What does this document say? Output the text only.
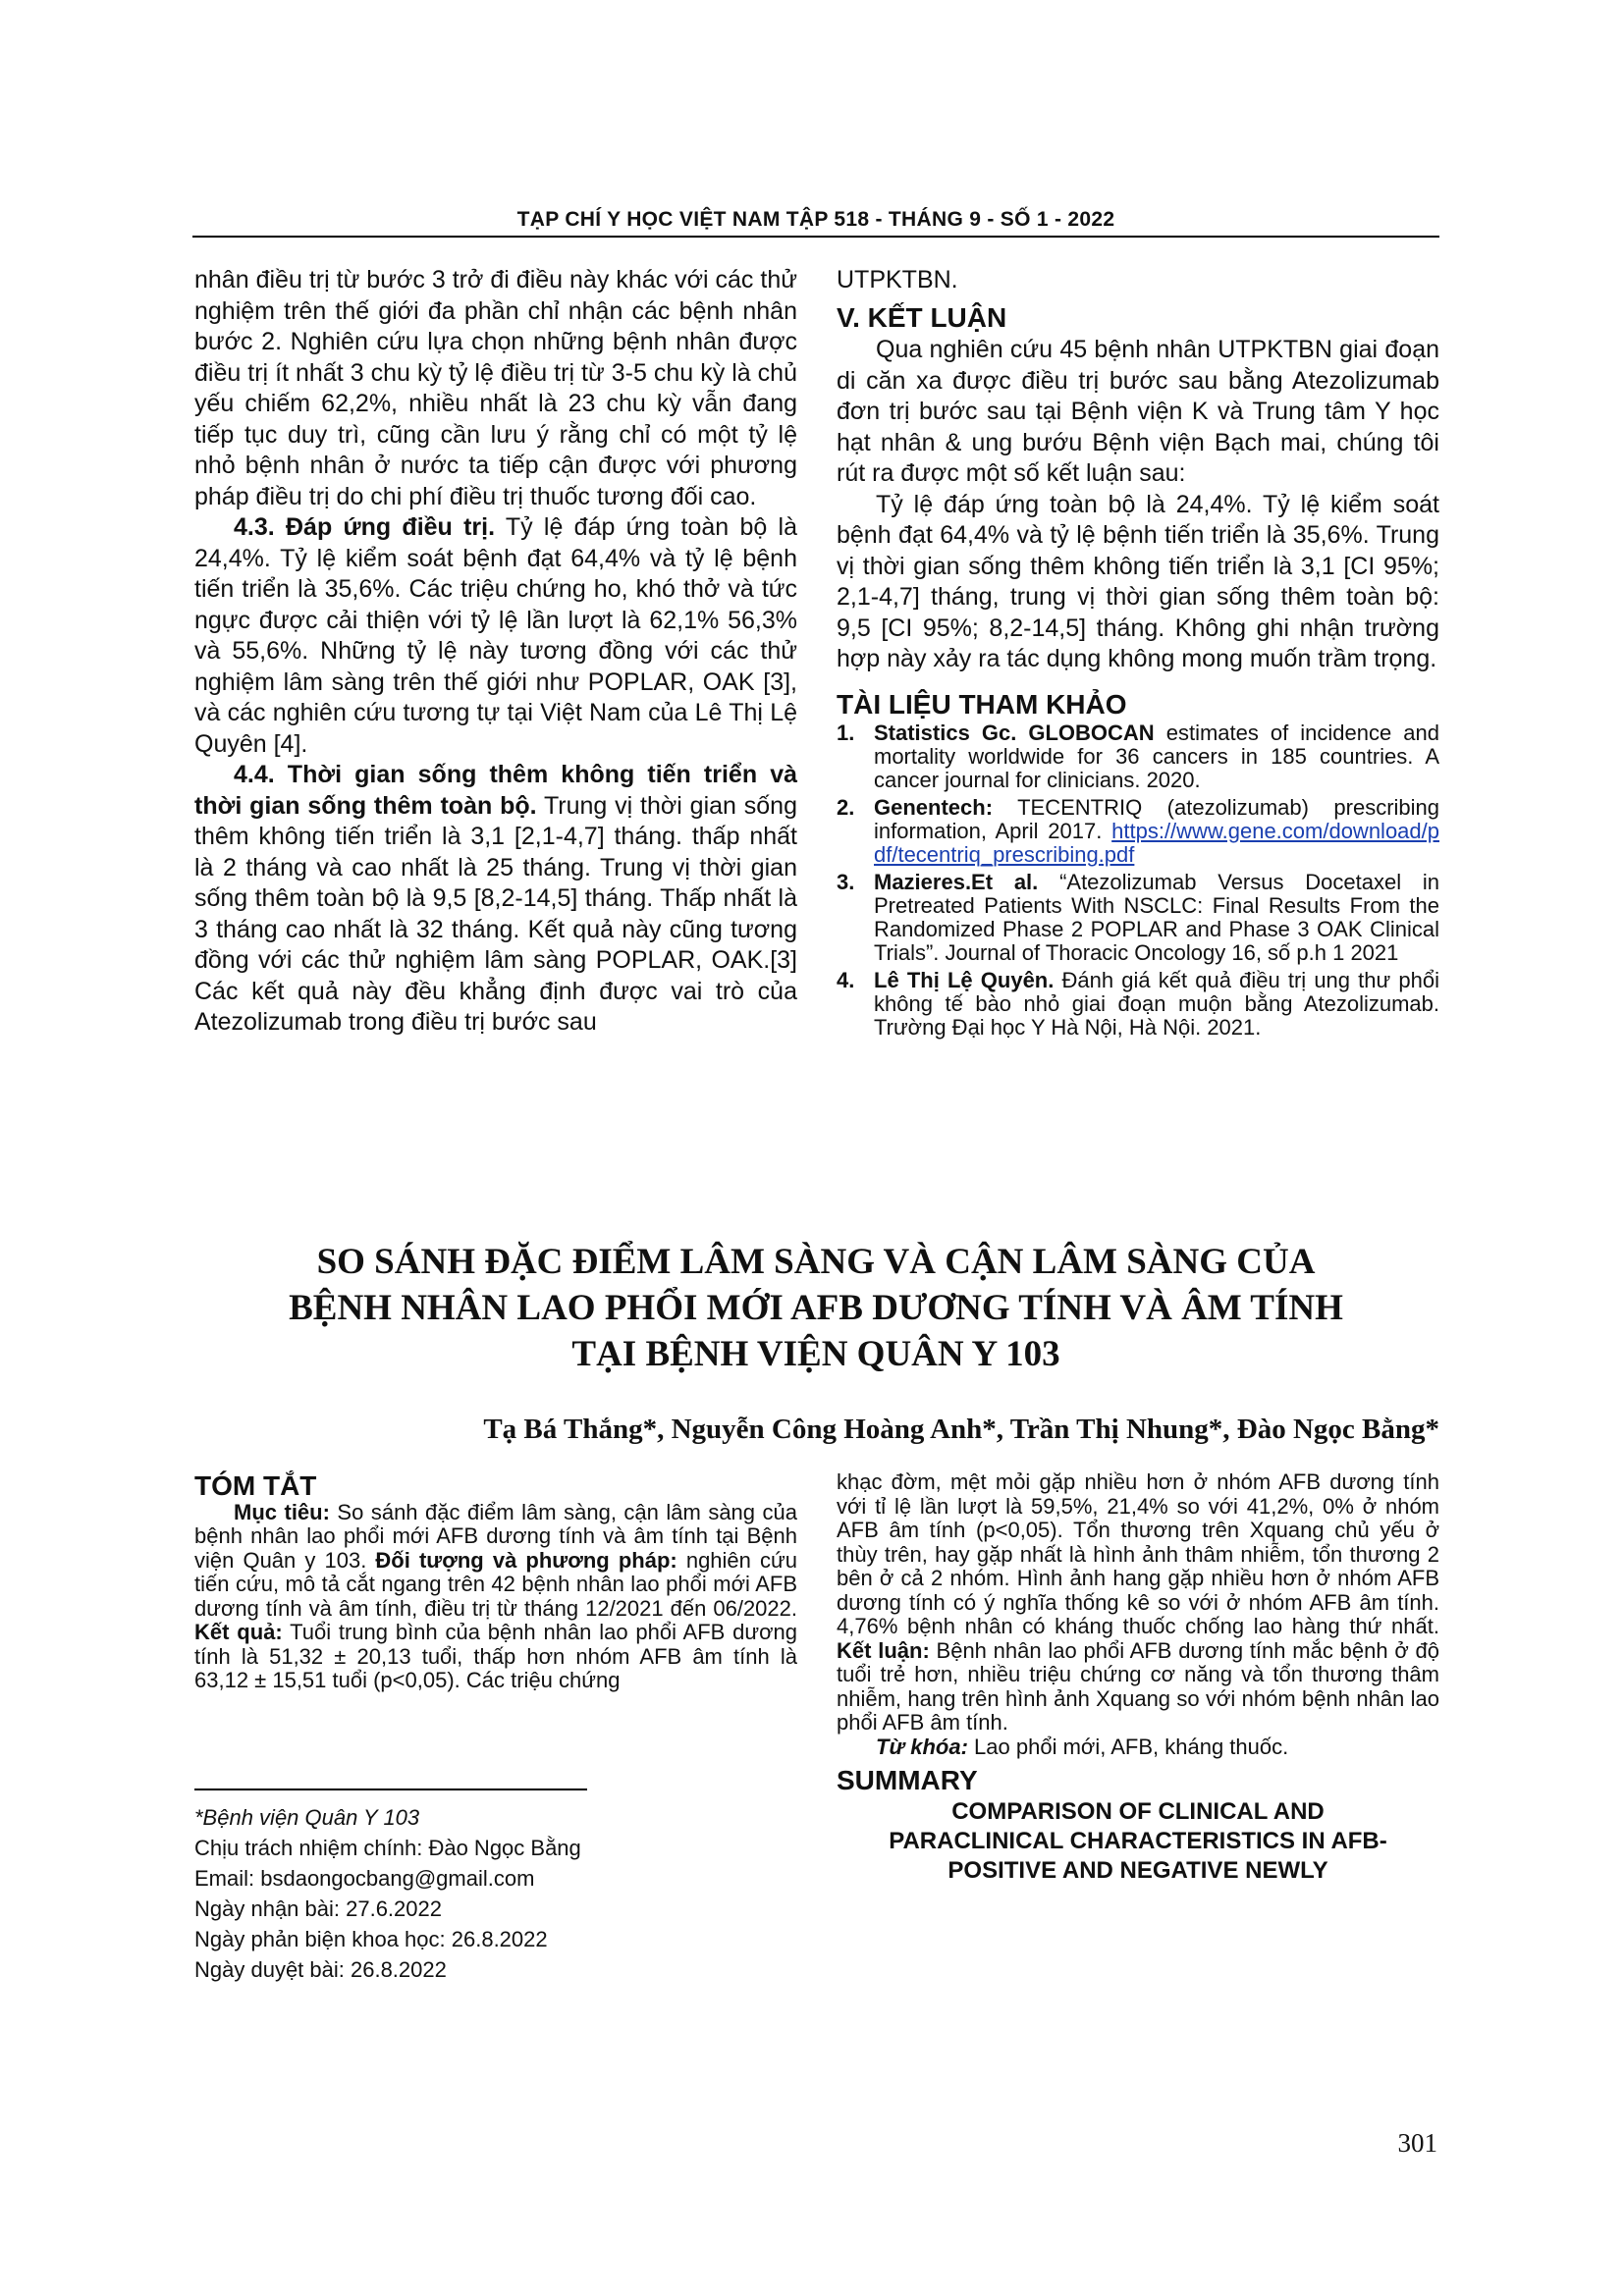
TẠP CHÍ Y HỌC VIỆT NAM TẬP 518 - THÁNG 9 - SỐ 1 - 2022

nhân điều trị từ bước 3 trở đi điều này khác với các thử nghiệm trên thế giới đa phần chỉ nhận các bệnh nhân bước 2. Nghiên cứu lựa chọn những bệnh nhân được điều trị ít nhất 3 chu kỳ tỷ lệ điều trị từ 3-5 chu kỳ là chủ yếu chiếm 62,2%, nhiều nhất là 23 chu kỳ vẫn đang tiếp tục duy trì, cũng cần lưu ý rằng chỉ có một tỷ lệ nhỏ bệnh nhân ở nước ta tiếp cận được với phương pháp điều trị do chi phí điều trị thuốc tương đối cao.

4.3. Đáp ứng điều trị. Tỷ lệ đáp ứng toàn bộ là 24,4%. Tỷ lệ kiểm soát bệnh đạt 64,4% và tỷ lệ bệnh tiến triển là 35,6%. Các triệu chứng ho, khó thở và tức ngực được cải thiện với tỷ lệ lần lượt là 62,1% 56,3% và 55,6%. Những tỷ lệ này tương đồng với các thử nghiệm lâm sàng trên thế giới như POPLAR, OAK [3], và các nghiên cứu tương tự tại Việt Nam của Lê Thị Lệ Quyên [4].

4.4. Thời gian sống thêm không tiến triển và thời gian sống thêm toàn bộ. Trung vị thời gian sống thêm không tiến triển là 3,1 [2,1-4,7] tháng. thấp nhất là 2 tháng và cao nhất là 25 tháng. Trung vị thời gian sống thêm toàn bộ là 9,5 [8,2-14,5] tháng. Thấp nhất là 3 tháng cao nhất là 32 tháng. Kết quả này cũng tương đồng với các thử nghiệm lâm sàng POPLAR, OAK.[3] Các kết quả này đều khẳng định được vai trò của Atezolizumab trong điều trị bước sau

UTPKTBN.

V. KẾT LUẬN

Qua nghiên cứu 45 bệnh nhân UTPKTBN giai đoạn di căn xa được điều trị bước sau bằng Atezolizumab đơn trị bước sau tại Bệnh viện K và Trung tâm Y học hạt nhân & ung bướu Bệnh viện Bạch mai, chúng tôi rút ra được một số kết luận sau:

Tỷ lệ đáp ứng toàn bộ là 24,4%. Tỷ lệ kiểm soát bệnh đạt 64,4% và tỷ lệ bệnh tiến triển là 35,6%. Trung vị thời gian sống thêm không tiến triển là 3,1 [CI 95%; 2,1-4,7] tháng, trung vị thời gian sống thêm toàn bộ: 9,5 [CI 95%; 8,2-14,5] tháng. Không ghi nhận trường hợp này xảy ra tác dụng không mong muốn trầm trọng.

TÀI LIỆU THAM KHẢO
1. Statistics Gc. GLOBOCAN estimates of incidence and mortality worldwide for 36 cancers in 185 countries. A cancer journal for clinicians. 2020.
2. Genentech: TECENTRIQ (atezolizumab) prescribing information, April 2017. https://www.gene.com/download/pdf/tecentriq_prescribing.pdf
3. Mazieres.Et al. “Atezolizumab Versus Docetaxel in Pretreated Patients With NSCLC: Final Results From the Randomized Phase 2 POPLAR and Phase 3 OAK Clinical Trials”. Journal of Thoracic Oncology 16, số p.h 1 2021
4. Lê Thị Lệ Quyên. Đánh giá kết quả điều trị ung thư phổi không tế bào nhỏ giai đoạn muộn bằng Atezolizumab. Trường Đại học Y Hà Nội, Hà Nội. 2021.
SO SÁNH ĐẶC ĐIỂM LÂM SÀNG VÀ CẬN LÂM SÀNG CỦA
BỆNH NHÂN LAO PHỔI MỚI AFB DƯƠNG TÍNH VÀ ÂM TÍNH
TẠI BỆNH VIỆN QUÂN Y 103
Tạ Bá Thắng*, Nguyễn Công Hoàng Anh*, Trần Thị Nhung*, Đào Ngọc Bằng*
TÓM TẮT

Mục tiêu: So sánh đặc điểm lâm sàng, cận lâm sàng của bệnh nhân lao phổi mới AFB dương tính và âm tính tại Bệnh viện Quân y 103. Đối tượng và phương pháp: nghiên cứu tiến cứu, mô tả cắt ngang trên 42 bệnh nhân lao phổi mới AFB dương tính và âm tính, điều trị từ tháng 12/2021 đến 06/2022. Kết quả: Tuổi trung bình của bệnh nhân lao phổi AFB dương tính là 51,32 ± 20,13 tuổi, thấp hơn nhóm AFB âm tính là 63,12 ± 15,51 tuổi (p<0,05). Các triệu chứng

*Bệnh viện Quân Y 103
Chịu trách nhiệm chính: Đào Ngọc Bằng
Email: bsdaongocbang@gmail.com
Ngày nhận bài: 27.6.2022
Ngày phản biện khoa học: 26.8.2022
Ngày duyệt bài: 26.8.2022

khạc đờm, mệt mỏi gặp nhiều hơn ở nhóm AFB dương tính với tỉ lệ lần lượt là 59,5%, 21,4% so với 41,2%, 0% ở nhóm AFB âm tính (p<0,05). Tổn thương trên Xquang chủ yếu ở thùy trên, hay gặp nhất là hình ảnh thâm nhiễm, tổn thương 2 bên ở cả 2 nhóm. Hình ảnh hang gặp nhiều hơn ở nhóm AFB dương tính có ý nghĩa thống kê so với ở nhóm AFB âm tính. 4,76% bệnh nhân có kháng thuốc chống lao hàng thứ nhất. Kết luận: Bệnh nhân lao phổi AFB dương tính mắc bệnh ở độ tuổi trẻ hơn, nhiều triệu chứng cơ năng và tổn thương thâm nhiễm, hang trên hình ảnh Xquang so với nhóm bệnh nhân lao phổi AFB âm tính.

Từ khóa: Lao phổi mới, AFB, kháng thuốc.

SUMMARY
COMPARISON OF CLINICAL AND
PARACLINICAL CHARACTERISTICS IN AFB-
POSITIVE AND NEGATIVE NEWLY
301
